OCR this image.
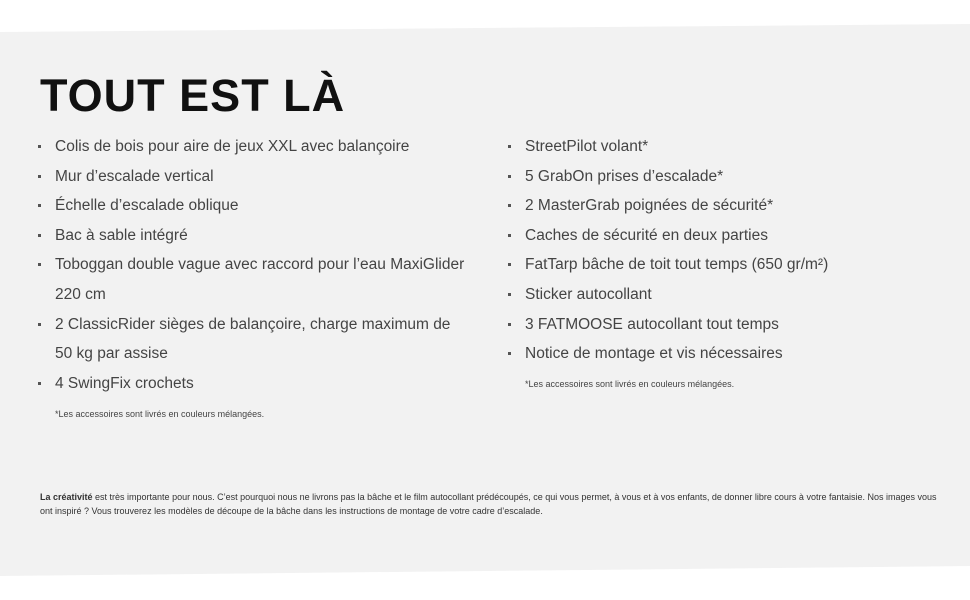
TOUT EST LÀ
Colis de bois pour aire de jeux XXL avec balançoire
Mur d’escalade vertical
Échelle d’escalade oblique
Bac à sable intégré
Toboggan double vague avec raccord pour l’eau MaxiGlider 220 cm
2 ClassicRider sièges de balançoire, charge maximum de 50 kg par assise
4 SwingFix crochets
*Les accessoires sont livrés en couleurs mélangées.
StreetPilot volant*
5 GrabOn prises d’escalade*
2 MasterGrab poignées de sécurité*
Caches de sécurité en deux parties
FatTarp bâche de toit tout temps (650 gr/m²)
Sticker autocollant
3 FATMOOSE autocollant tout temps
Notice de montage et vis nécessaires
*Les accessoires sont livrés en couleurs mélangées.

La créativité est très importante pour nous. C’est pourquoi nous ne livrons pas la bâche et le film autocollant prédécoupés, ce qui vous permet, à vous et à vos enfants, de donner libre cours à votre fantaisie. Nos images vous ont inspiré ? Vous trouverez les modèles de découpe de la bâche dans les instructions de montage de votre cadre d’escalade.
